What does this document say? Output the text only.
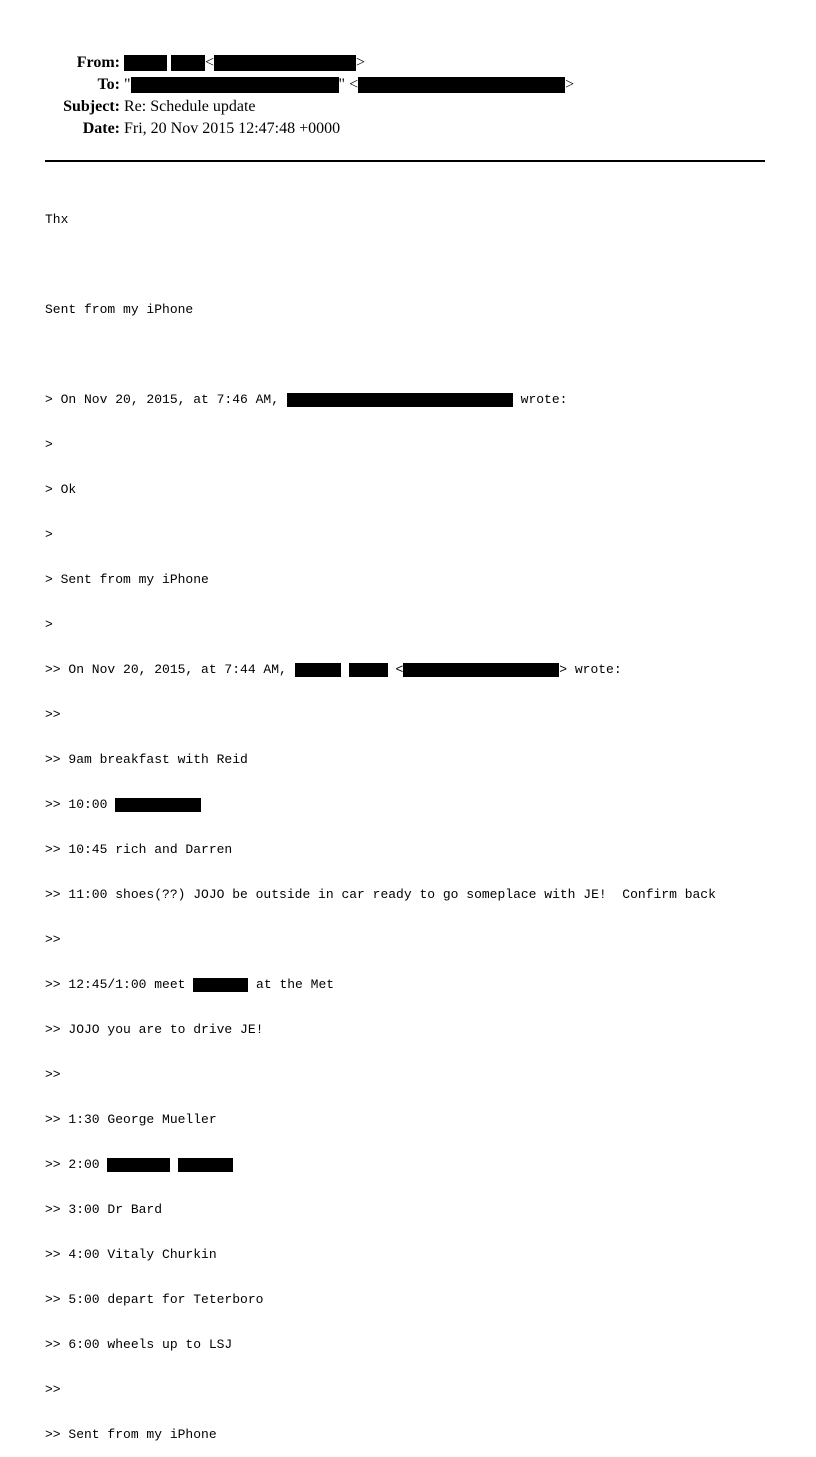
From:	<	>
To: "	" <	>
Subject: Re: Schedule update
Date: Fri, 20 Nov 2015 12:47:48 +0000

Thx

Sent from my iPhone

> On Nov 20, 2015, at 7:46 AM,	wrote:

>

> Ok

>

> Sent from my iPhone

>

>> On Nov 20, 2015, at 7:44 AM,	<	> wrote:

>>

>> 9am breakfast with Reid

>> 10:00

>> 10:45 rich and Darren

>> 11:00 shoes(??) JOJO be outside in car ready to go someplace with JE!  Confirm back

>>

>> 12:45/1:00 meet	at the Met

>> JOJO you are to drive JE!

>>

>> 1:30 George Mueller

>> 2:00

>> 3:00 Dr Bard

>> 4:00 Vitaly Churkin

>> 5:00 depart for Teterboro

>> 6:00 wheels up to LSJ

>>

>> Sent from my iPhone
